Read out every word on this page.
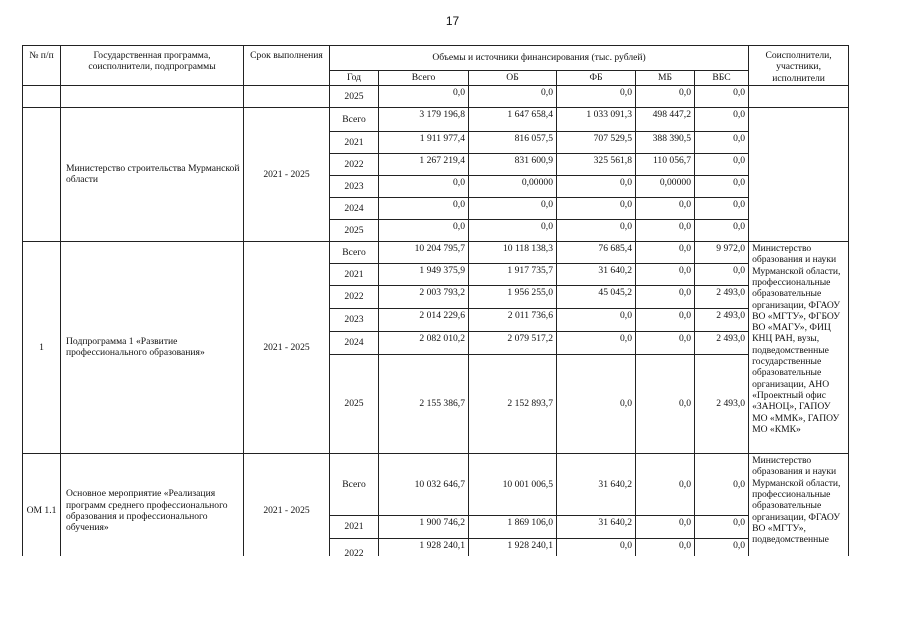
17
№ п/п	Государственная программа, соисполнители, подпрограммы	Срок выполнения	Объемы и источники финансирования (тыс. рублей)						Соисполнители, участники, исполнители
			Год	Всего	ОБ	ФБ	МБ	ВБС	
			2025	0,0	0,0	0,0	0,0	0,0	
	Министерство строительства Мурманской области	2021 - 2025	Всего	3 179 196,8	1 647 658,4	1 033 091,3	498 447,2	0,0	
			2021	1 911 977,4	816 057,5	707 529,5	388 390,5	0,0	
			2022	1 267 219,4	831 600,9	325 561,8	110 056,7	0,0	
			2023	0,0	0,00000	0,0	0,00000	0,0	
			2024	0,0	0,0	0,0	0,0	0,0	
			2025	0,0	0,0	0,0	0,0	0,0	
1	Подпрограмма 1 «Развитие профессионального образования»	2021 - 2025	Всего	10 204 795,7	10 118 138,3	76 685,4	0,0	9 972,0	Министерство образования и науки Мурманской области, профессиональные образовательные организации, ФГАОУ ВО «МГТУ», ФГБОУ ВО «МАГУ», ФИЦ КНЦ РАН, вузы, подведомственные государственные образовательные организации, АНО «Проектный офис «ЗАНОЦ», ГАПОУ МО «ММК», ГАПОУ МО «КМК»
			2021	1 949 375,9	1 917 735,7	31 640,2	0,0	0,0	
			2022	2 003 793,2	1 956 255,0	45 045,2	0,0	2 493,0	
			2023	2 014 229,6	2 011 736,6	0,0	0,0	2 493,0	
			2024	2 082 010,2	2 079 517,2	0,0	0,0	2 493,0	
			2025	2 155 386,7	2 152 893,7	0,0	0,0	2 493,0	
ОМ 1.1	Основное мероприятие «Реализация программ среднего профессионального образования и профессионального обучения»	2021 - 2025	Всего	10 032 646,7	10 001 006,5	31 640,2	0,0	0,0	Министерство образования и науки Мурманской области, профессиональные образовательные организации, ФГАОУ ВО «МГТУ», подведомственные
			2021	1 900 746,2	1 869 106,0	31 640,2	0,0	0,0	
			2022	1 928 240,1	1 928 240,1	0,0	0,0	0,0	
